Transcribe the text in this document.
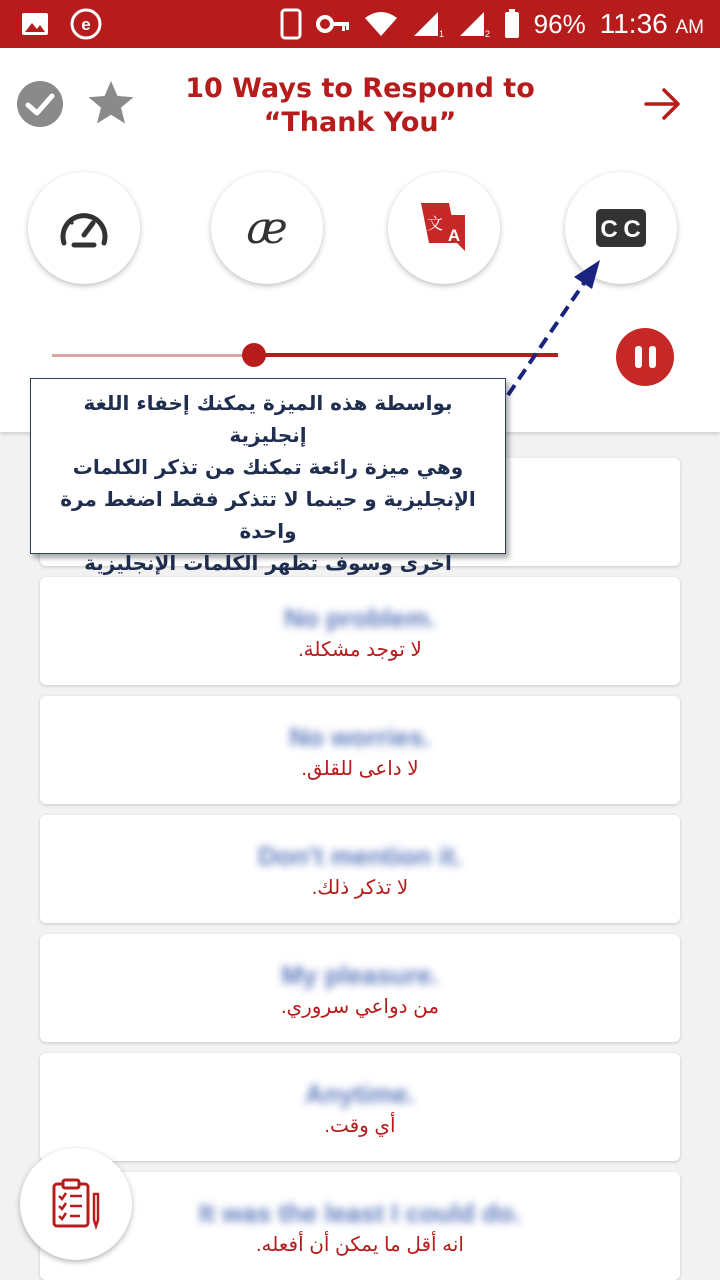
e	1	2 96% 11:36 AM
10 Ways to Respond to
“Thank You”
æ	文
A	C C
No problem.
لا توجد مشكلة.
No worries.
لا داعى للقلق.
Don't mention it.
لا تذكر ذلك.
My pleasure.
من دواعي سروري.
Anytime.
أي وقت.
It was the least I could do.
انه أقل ما يمكن أن أفعله.
بواسطة هذه الميزة يمكنك إخفاء اللغة إنجليزية
وهي ميزة رائعة تمكنك من تذكر الكلمات
الإنجليزية و حينما لا تتذكر فقط اضغط مرة واحدة
اخرى وسوف تظهر الكلمات الإنجليزية
